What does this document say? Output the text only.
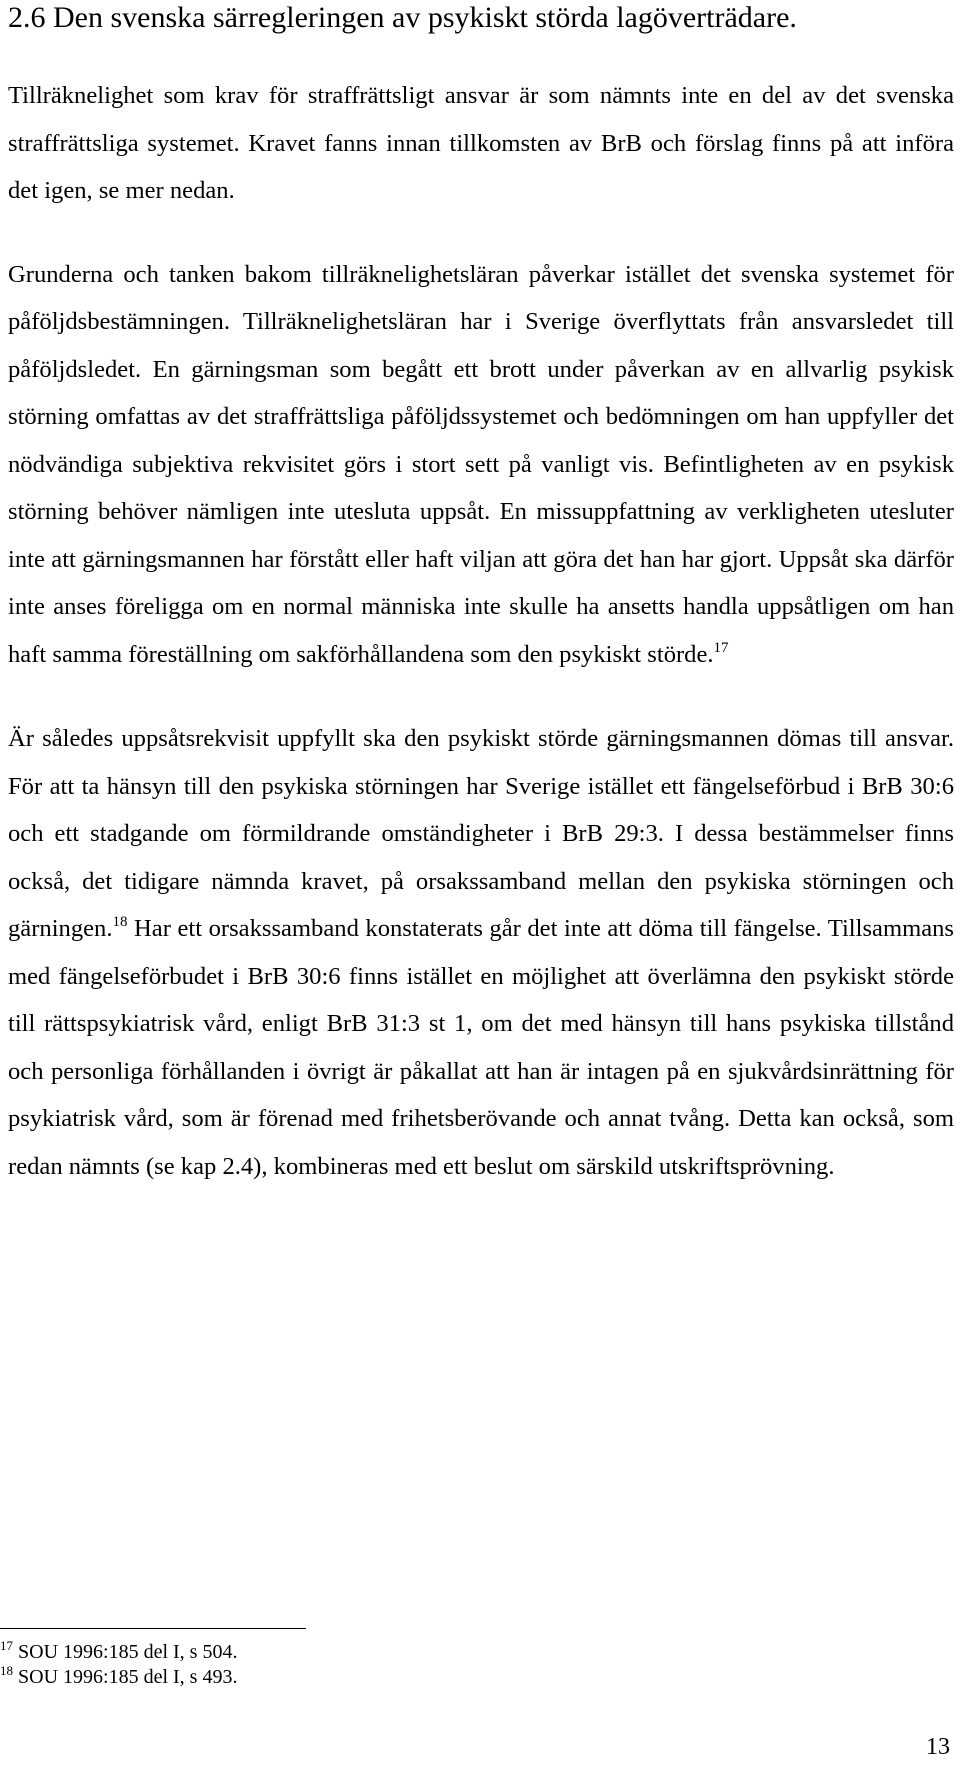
2.6 Den svenska särregleringen av psykiskt störda lagöverträdare.

Tillräknelighet som krav för straffrättsligt ansvar är som nämnts inte en del av det svenska straffrättsliga systemet. Kravet fanns innan tillkomsten av BrB och förslag finns på att införa det igen, se mer nedan.

Grunderna och tanken bakom tillräknelighetsläran påverkar istället det svenska systemet för påföljdsbestämningen. Tillräknelighetsläran har i Sverige överflyttats från ansvarsledet till påföljdsledet. En gärningsman som begått ett brott under påverkan av en allvarlig psykisk störning omfattas av det straffrättsliga påföljdssystemet och bedömningen om han uppfyller det nödvändiga subjektiva rekvisitet görs i stort sett på vanligt vis. Befintligheten av en psykisk störning behöver nämligen inte utesluta uppsåt. En missuppfattning av verkligheten utesluter inte att gärningsmannen har förstått eller haft viljan att göra det han har gjort. Uppsåt ska därför inte anses föreligga om en normal människa inte skulle ha ansetts handla uppsåtligen om han haft samma föreställning om sakförhållandena som den psykiskt störde.$^{17}$

Är således uppsåtsrekvisit uppfyllt ska den psykiskt störde gärningsmannen dömas till ansvar. För att ta hänsyn till den psykiska störningen har Sverige istället ett fängelseförbud i BrB 30:6 och ett stadgande om förmildrande omständigheter i BrB 29:3. I dessa bestämmelser finns också, det tidigare nämnda kravet, på orsakssamband mellan den psykiska störningen och gärningen.$^{18}$ Har ett orsakssamband konstaterats går det inte att döma till fängelse. Tillsammans med fängelseförbudet i BrB 30:6 finns istället en möjlighet att överlämna den psykiskt störde till rättspsykiatrisk vård, enligt BrB 31:3 st 1, om det med hänsyn till hans psykiska tillstånd och personliga förhållanden i övrigt är påkallat att han är intagen på en sjukvårdsinrättning för psykiatrisk vård, som är förenad med frihetsberövande och annat tvång. Detta kan också, som redan nämnts (se kap 2.4), kombineras med ett beslut om särskild utskriftsprövning.

$^{17}$ SOU 1996:185 del I, s 504.
$^{18}$ SOU 1996:185 del I, s 493.
13
